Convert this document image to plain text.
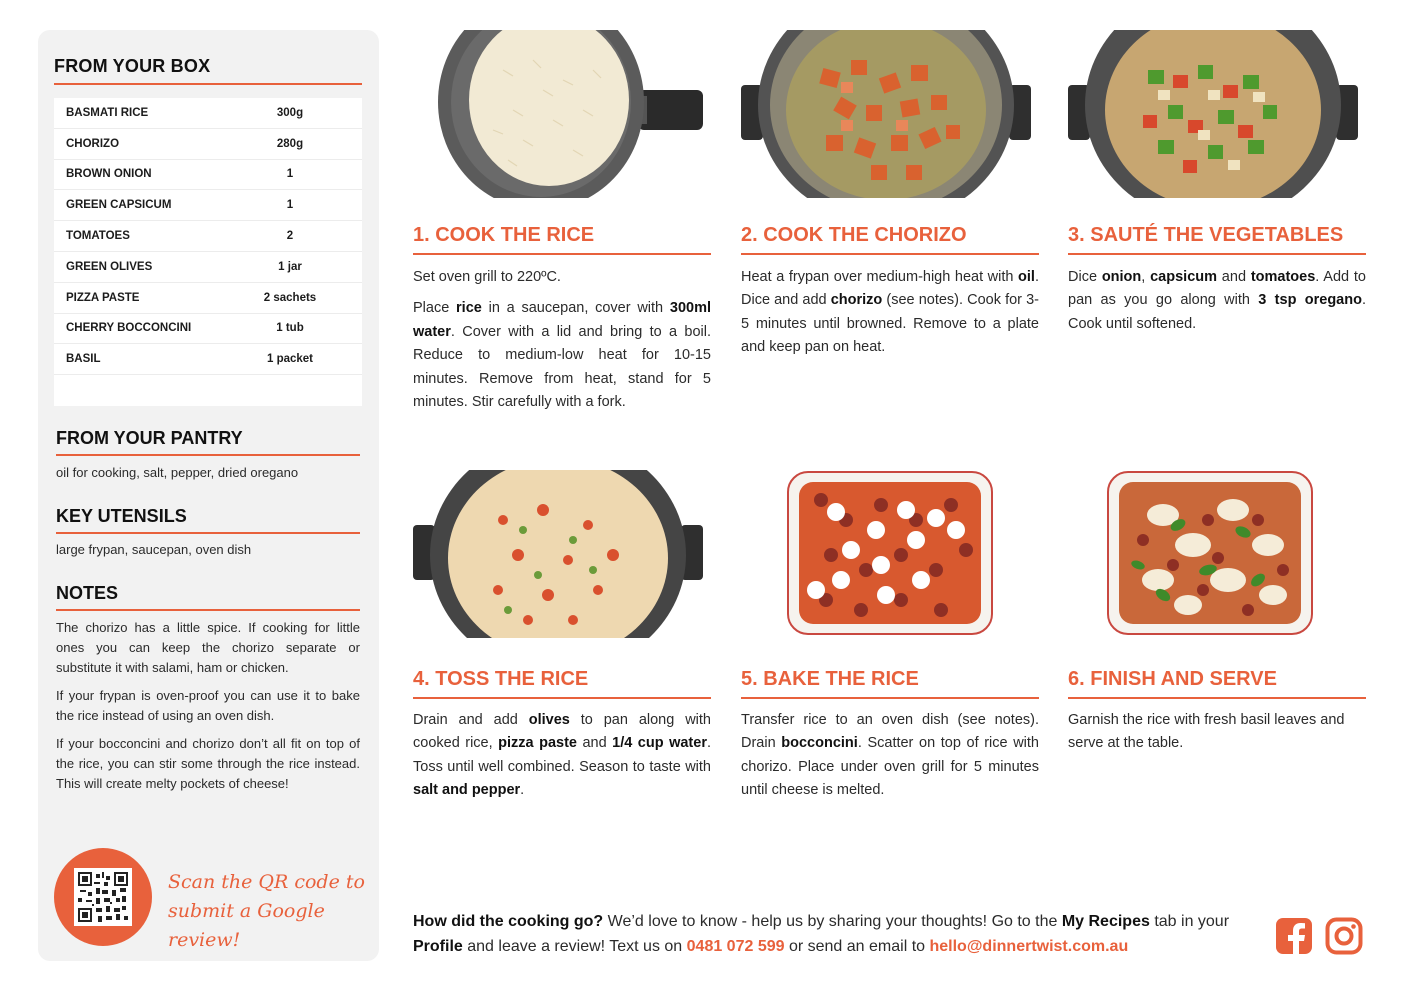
FROM YOUR BOX
BASMATI RICE	300g
CHORIZO	280g
BROWN ONION	1
GREEN CAPSICUM	1
TOMATOES	2
GREEN OLIVES	1 jar
PIZZA PASTE	2 sachets
CHERRY BOCCONCINI	1 tub
BASIL	1 packet
FROM YOUR PANTRY
oil for cooking, salt, pepper, dried oregano
KEY UTENSILS
large frypan, saucepan, oven dish
NOTES

The chorizo has a little spice. If cooking for little ones you can keep the chorizo separate or substitute it with salami, ham or chicken.

If your frypan is oven-proof you can use it to bake the rice instead of using an oven dish.

If your bocconcini and chorizo don’t all fit on top of the rice, you can stir some through the rice instead. This will create melty pockets of cheese!

Scan the QR code to
submit a Google review!
1. COOK THE RICE

Set oven grill to 220ºC.

Place rice in a saucepan, cover with 300ml water. Cover with a lid and bring to a boil. Reduce to medium-low heat for 10-15 minutes. Remove from heat, stand for 5 minutes. Stir carefully with a fork.

2. COOK THE CHORIZO

Heat a frypan over medium-high heat with oil. Dice and add chorizo (see notes). Cook for 3-5 minutes until browned. Remove to a plate and keep pan on heat.

3. SAUTÉ THE VEGETABLES

Dice onion, capsicum and tomatoes. Add to pan as you go along with 3 tsp oregano. Cook until softened.

4. TOSS THE RICE

Drain and add olives to pan along with cooked rice, pizza paste and 1/4 cup water. Toss until well combined. Season to taste with salt and pepper.

5. BAKE THE RICE

Transfer rice to an oven dish (see notes). Drain bocconcini. Scatter on top of rice with chorizo. Place under oven grill for 5 minutes until cheese is melted.

6. FINISH AND SERVE

Garnish the rice with fresh basil leaves and serve at the table.

How did the cooking go? We’d love to know - help us by sharing your thoughts! Go to the My Recipes tab in your Profile and leave a review! Text us on 0481 072 599 or send an email to hello@dinnertwist.com.au
